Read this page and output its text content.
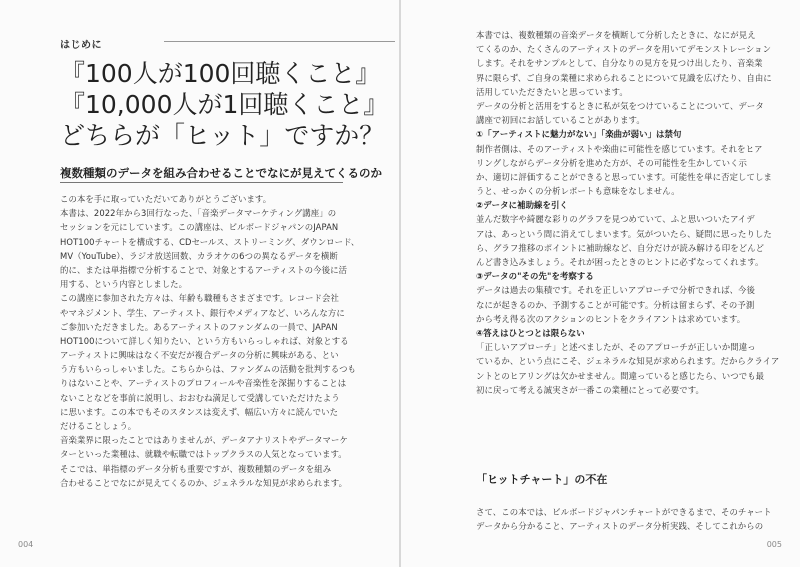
はじめに
『100人が100回聴くこと』
『10,000人が1回聴くこと』
どちらが「ヒット」ですか？
複数種類のデータを組み合わせることでなにが見えてくるのか
この本を手に取っていただいてありがとうございます。
本書は、2022年から3回行なった、「音楽データマーケティング講座」の
セッションを元にしています。この講座は、ビルボードジャパンのJAPAN
HOT100チャートを構成する、CDセールス、ストリーミング、ダウンロード、
MV（YouTube）、ラジオ放送回数、カラオケの6つの異なるデータを横断
的に、または単指標で分析することで、対象とするアーティストの今後に活
用する、という内容としました。
この講座に参加された方々は、年齢も職種もさまざまです。レコード会社
やマネジメント、学生、アーティスト、銀行やメディアなど、いろんな方に
ご参加いただきました。あるアーティストのファンダムの一員で、JAPAN
HOT100について詳しく知りたい、という方もいらっしゃれば、対象とする
アーティストに興味はなく不安だが複合データの分析に興味がある、とい
う方もいらっしゃいました。こちらからは、ファンダムの活動を批判するつも
りはないことや、アーティストのプロフィールや音楽性を深掘りすることは
ないことなどを事前に説明し、おおむね満足して受講していただけたよう
に思います。この本でもそのスタンスは変えず、幅広い方々に読んでいた
だけることしょう。
音楽業界に限ったことではありませんが、データアナリストやデータマーケ
ターといった業種は、就職や転職ではトップクラスの人気となっています。
そこでは、単指標のデータ分析も重要ですが、複数種類のデータを組み
合わせることでなにが見えてくるのか、ジェネラルな知見が求められます。
004
本書では、複数種類の音楽データを横断して分析したときに、なにが見え
てくるのか、たくさんのアーティストのデータを用いてデモンストレーション
します。それをサンプルとして、自分なりの見方を見つけ出したり、音楽業
界に限らず、ご自身の業種に求められることについて見識を広げたり、自由に
活用していただきたいと思っています。
データの分析と活用をするときに私が気をつけていることについて、データ
講座で初回にお話していることがあります。
①「アーティストに魅力がない」「楽曲が弱い」は禁句
制作者側は、そのアーティストや楽曲に可能性を感じています。それをヒア
リングしながらデータ分析を進めた方が、その可能性を生かしていく示
か、適切に評価することができると思っています。可能性を単に否定してしま
うと、せっかくの分析レポートも意味をなしません。
②データに補助線を引く
並んだ数字や綺麗な彩りのグラフを見つめていて、ふと思いついたアイデ
アは、あっという間に消えてしまいます。気がついたら、疑問に思ったりした
ら、グラフ推移のポイントに補助線など、自分だけが読み解ける印をどんど
んど書き込みましょう。それが困ったときのヒントに必ずなってくれます。
③データの"その先"を考察する
データは過去の集積です。それを正しいアプローチで分析できれば、今後
なにが起きるのか、予測することが可能です。分析は留まらず、その予測
から考え得る次のアクションのヒントをクライアントは求めています。
④答えはひとつとは限らない
「正しいアプローチ」と述べましたが、そのアプローチが正しいか間違っ
ているか、という点にこそ、ジェネラルな知見が求められます。だからクライア
ントとのヒアリングは欠かせません。間違っていると感じたら、いつでも最
初に戻って考える誠実さが一番この業種にとって必要です。
「ヒットチャート」の不在
さて、この本では、ビルボードジャパンチャートができるまで、そのチャート
データから分かること、アーティストのデータ分析実践、そしてこれからの
005
